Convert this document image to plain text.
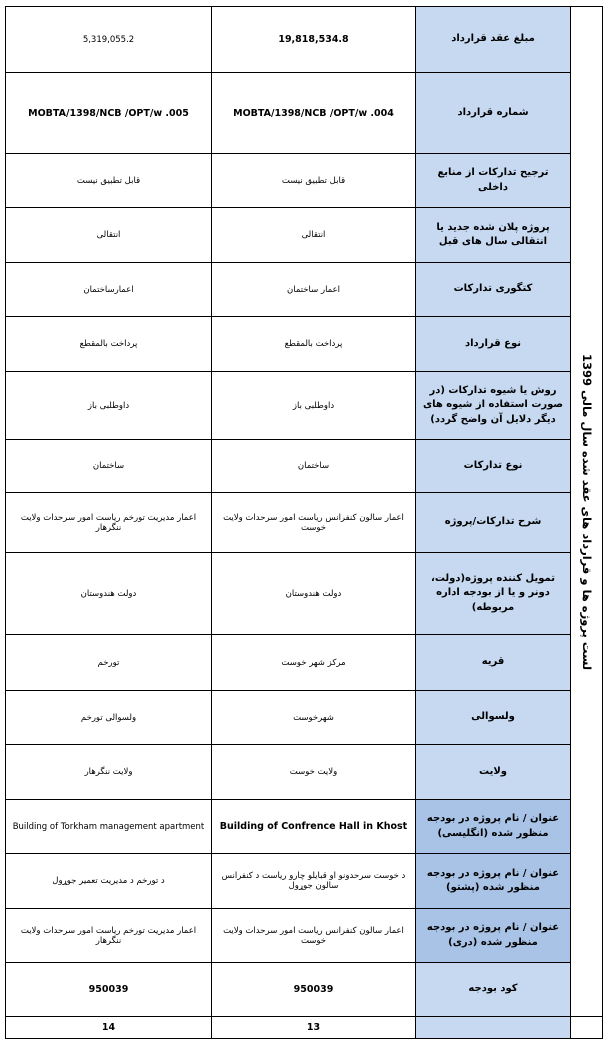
5,319,055.2	19,818,534.8	مبلغ عقد قرارداد	لست پروژه ها و قرارداد های عقد شده سال مالی 1399

MOBTA/1398/NCB /OPT/w .005	MOBTA/1398/NCB /OPT/w .004	شماره قرارداد	
قابل تطبیق نیست	قابل تطبیق نیست	ترجیح تدارکات از منابع داخلی	
انتقالی	انتقالی	پروژه پلان شده جدید یا انتقالی سال های قبل	
اعمارساختمان	اعمار ساختمان	کتگوری تدارکات	
پرداخت بالمقطع	پرداخت بالمقطع	نوع قرارداد	
داوطلبی باز	داوطلبی باز	روش یا شیوه تدارکات (در صورت استفاده از شیوه های دیگر دلایل آن واضح گردد)	
ساختمان	ساختمان	نوع تدارکات	
اعمار مدیریت تورخم ریاست امور سرحدات ولایت ننگرهار	اعمار سالون کنفرانس ریاست امور سرحدات ولایت خوست	شرح تدارکات/پروژه	
دولت هندوستان	دولت هندوستان	تمویل کننده پروژه(دولت، دونر و یا از بودجه اداره مربوطه)	
تورخم	مرکز شهر خوست	قریه	
ولسوالی تورخم	شهرخوست	ولسوالی	
ولایت ننگرهار	ولایت خوست	ولایت	
Building of Torkham management apartment	Building of Confrence Hall in Khost	عنوان / نام پروژه در بودجه منظور شده (انگلیسی)	
د تورخم د مدیریت تعمیر جوړول	د خوست سرحدونو او قبایلو چارو ریاست د کنفرانس سالون جوړول	عنوان / نام پروژه در بودجه منظور شده (پشتو)	
اعمار مدیریت تورخم ریاست امور سرحدات ولایت ننگرهار	اعمار سالون کنفرانس ریاست امور سرحدات ولایت خوست	عنوان / نام پروژه در بودجه منظور شده (دری)	
950039	950039	کود بودجه	
14	13		
